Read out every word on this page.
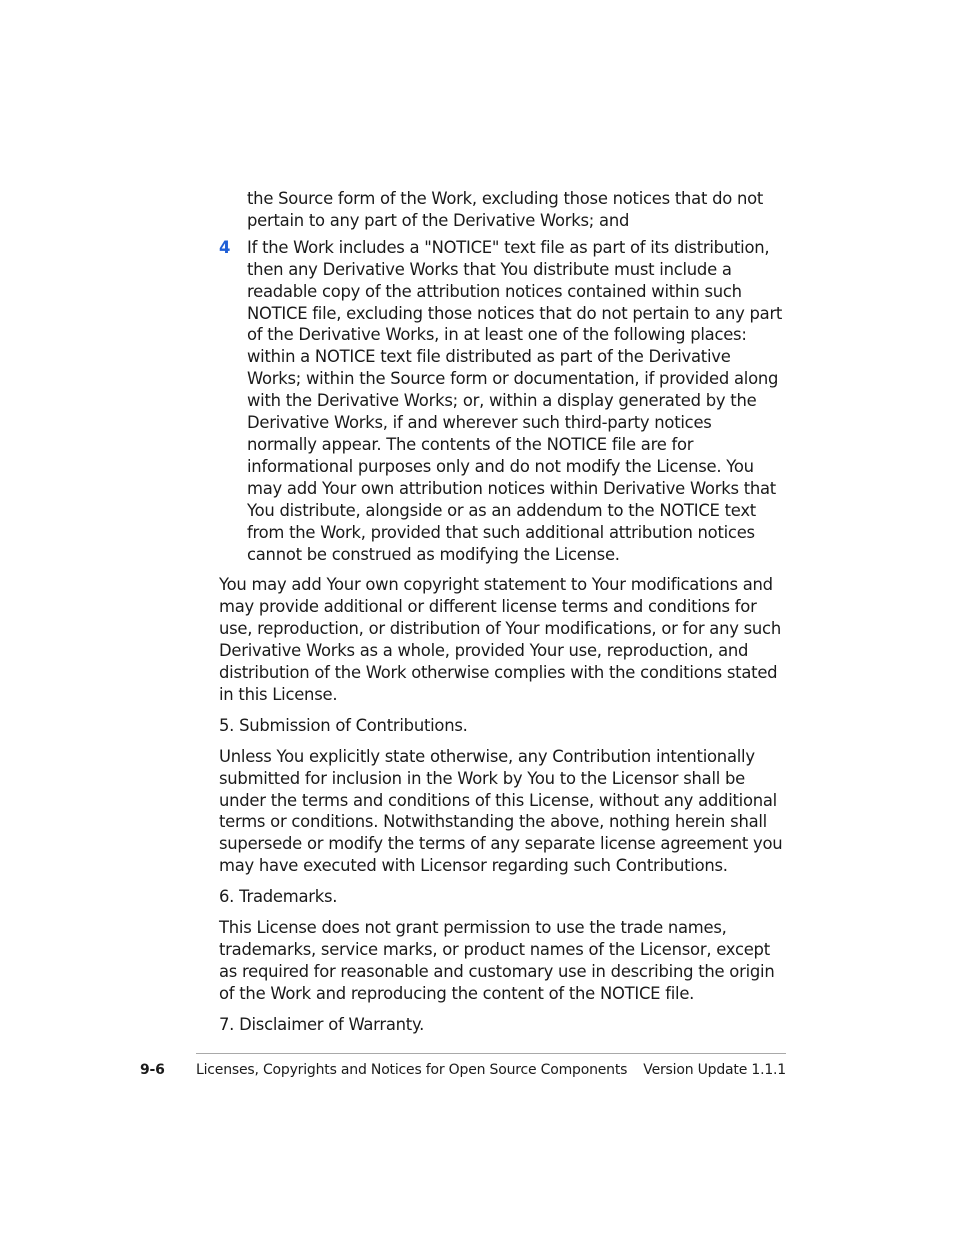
the Source form of the Work, excluding those notices that do not pertain to any part of the Derivative Works; and
4 If the Work includes a "NOTICE" text file as part of its distribution, then any Derivative Works that You distribute must include a readable copy of the attribution notices contained within such NOTICE file, excluding those notices that do not pertain to any part of the Derivative Works, in at least one of the following places: within a NOTICE text file distributed as part of the Derivative Works; within the Source form or documentation, if provided along with the Derivative Works; or, within a display generated by the Derivative Works, if and wherever such third-party notices normally appear. The contents of the NOTICE file are for informational purposes only and do not modify the License. You may add Your own attribution notices within Derivative Works that You distribute, alongside or as an addendum to the NOTICE text from the Work, provided that such additional attribution notices cannot be construed as modifying the License.
You may add Your own copyright statement to Your modifications and may provide additional or different license terms and conditions for use, reproduction, or distribution of Your modifications, or for any such Derivative Works as a whole, provided Your use, reproduction, and distribution of the Work otherwise complies with the conditions stated in this License.
5. Submission of Contributions.
Unless You explicitly state otherwise, any Contribution intentionally submitted for inclusion in the Work by You to the Licensor shall be under the terms and conditions of this License, without any additional terms or conditions. Notwithstanding the above, nothing herein shall supersede or modify the terms of any separate license agreement you may have executed with Licensor regarding such Contributions.
6. Trademarks.
This License does not grant permission to use the trade names, trademarks, service marks, or product names of the Licensor, except as required for reasonable and customary use in describing the origin of the Work and reproducing the content of the NOTICE file.
7. Disclaimer of Warranty.
9-6 Licenses, Copyrights and Notices for Open Source Components Version Update 1.1.1
